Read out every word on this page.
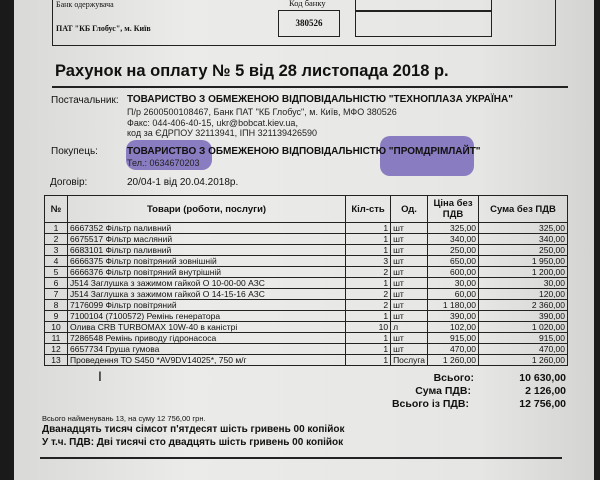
Банк одержувача
ПАТ "КБ Глобус", м. Київ
Код банку
380526
Рахунок на оплату № 5 від 28 листопада 2018 р.
Постачальник: ТОВАРИСТВО З ОБМЕЖЕНОЮ ВІДПОВІДАЛЬНІСТЮ "ТЕХНОПЛАЗА УКРАЇНА"
П/р 2600500108467, Банк ПАТ "КБ Глобус", м. Київ, МФО 380526
Факс: 044-406-40-15, ukr@bobcat.kiev.ua,
код за ЄДРПОУ 32113941, ІПН 321139426590
Покупець:	ТОВАРИСТВО З ОБМЕЖЕНОЮ ВІДПОВІДАЛЬНІСТЮ "ПРОМДРІМЛАЙТ"
Тел.: 0634670203
Договір:	20/04-1 від 20.04.2018р.
№	Товари (роботи, послуги)	Кіл-сть	Од.	Ціна без ПДВ	Сума без ПДВ
1	6667352 Фільтр паливний	1	шт	325,00	325,00
2	6675517 Фільтр масляний	1	шт	340,00	340,00
3	6683101 Фільтр паливний	1	шт	250,00	250,00
4	6666375 Фільтр повітряний зовнішній	3	шт	650,00	1 950,00
5	6666376 Фільтр повітряний внутрішній	2	шт	600,00	1 200,00
6	J514 Заглушка з зажимом гайкой О 10-00-00 АЗС	1	шт	30,00	30,00
7	J514 Заглушка з зажимом гайкой О 14-15-16 АЗС	2	шт	60,00	120,00
8	7176099 Фільтр повітряний	2	шт	1 180,00	2 360,00
9	7100104 (7100572) Ремінь генератора	1	шт	390,00	390,00
10	Олива CRB TURBOMAX 10W-40 в каністрі	10	л	102,00	1 020,00
11	7286548 Ремінь приводу гідронасоса	1	шт	915,00	915,00
12	6657734 Груша гумова	1	шт	470,00	470,00
13	Проведення ТО S450 *AV9DV14025*, 750 м/г	1	Послуга	1 260,00	1 260,00
I	Всього:	10 630,00
Сума ПДВ:	2 126,00
Всього із ПДВ:	12 756,00
Всього найменувань 13, на суму 12 756,00 грн.
Дванадцять тисяч сімсот п'ятдесят шість гривень 00 копійок
У т.ч. ПДВ: Дві тисячі сто двадцять шість гривень 00 копійок
